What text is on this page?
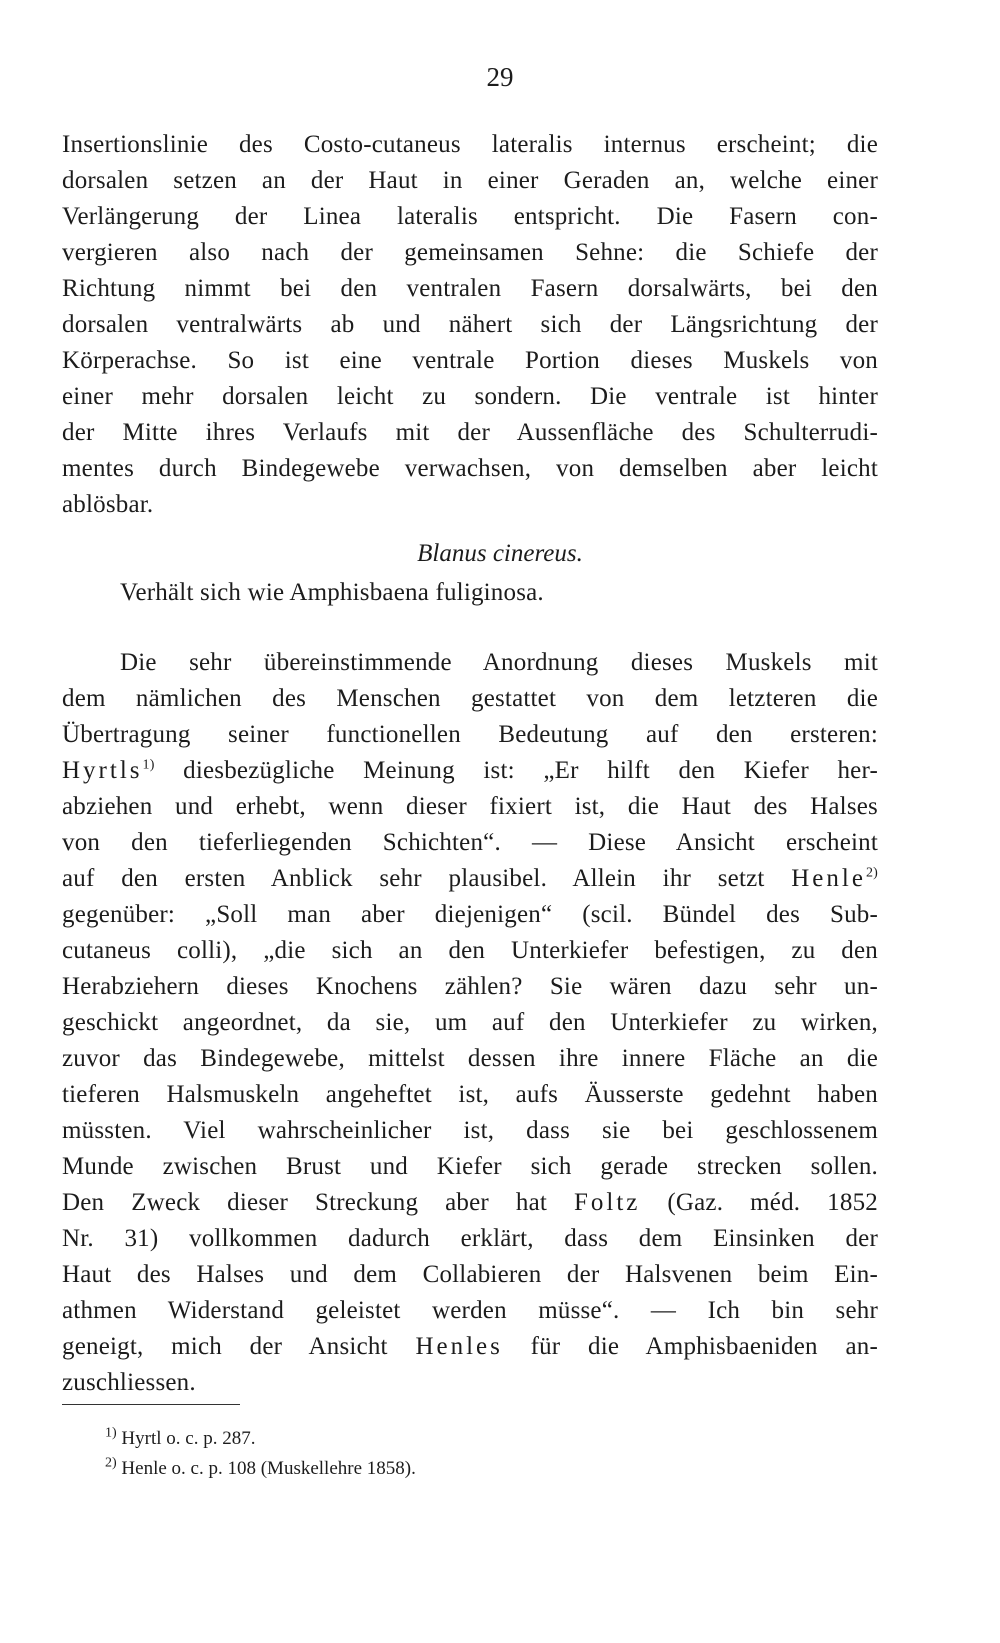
29
Insertionslinie des Costo-cutaneus lateralis internus erscheint; die
dorsalen setzen an der Haut in einer Geraden an, welche einer
Verlängerung der Linea lateralis entspricht. Die Fasern con-
vergieren also nach der gemeinsamen Sehne: die Schiefe der
Richtung nimmt bei den ventralen Fasern dorsalwärts, bei den
dorsalen ventralwärts ab und nähert sich der Längsrichtung der
Körperachse. So ist eine ventrale Portion dieses Muskels von
einer mehr dorsalen leicht zu sondern. Die ventrale ist hinter
der Mitte ihres Verlaufs mit der Aussenfläche des Schulterrudi-
mentes durch Bindegewebe verwachsen, von demselben aber leicht
ablösbar.
Blanus cinereus.
Verhält sich wie Amphisbaena fuliginosa.
Die sehr übereinstimmende Anordnung dieses Muskels mit
dem nämlichen des Menschen gestattet von dem letzteren die
Übertragung seiner functionellen Bedeutung auf den ersteren:
Hyrtls$^{1)}$ diesbezügliche Meinung ist: „Er hilft den Kiefer her-
abziehen und erhebt, wenn dieser fixiert ist, die Haut des Halses
von den tieferliegenden Schichten“. — Diese Ansicht erscheint
auf den ersten Anblick sehr plausibel. Allein ihr setzt Henle$^{2)}$
gegenüber: „Soll man aber diejenigen“ (scil. Bündel des Sub-
cutaneus colli), „die sich an den Unterkiefer befestigen, zu den
Herabziehern dieses Knochens zählen? Sie wären dazu sehr un-
geschickt angeordnet, da sie, um auf den Unterkiefer zu wirken,
zuvor das Bindegewebe, mittelst dessen ihre innere Fläche an die
tieferen Halsmuskeln angeheftet ist, aufs Äusserste gedehnt haben
müssten. Viel wahrscheinlicher ist, dass sie bei geschlossenem
Munde zwischen Brust und Kiefer sich gerade strecken sollen.
Den Zweck dieser Streckung aber hat Foltz (Gaz. méd. 1852
Nr. 31) vollkommen dadurch erklärt, dass dem Einsinken der
Haut des Halses und dem Collabieren der Halsvenen beim Ein-
athmen Widerstand geleistet werden müsse“. — Ich bin sehr
geneigt, mich der Ansicht Henles für die Amphisbaeniden an-
zuschliessen.
$^{1)}$ Hyrtl o. c. p. 287.
$^{2)}$ Henle o. c. p. 108 (Muskellehre 1858).
